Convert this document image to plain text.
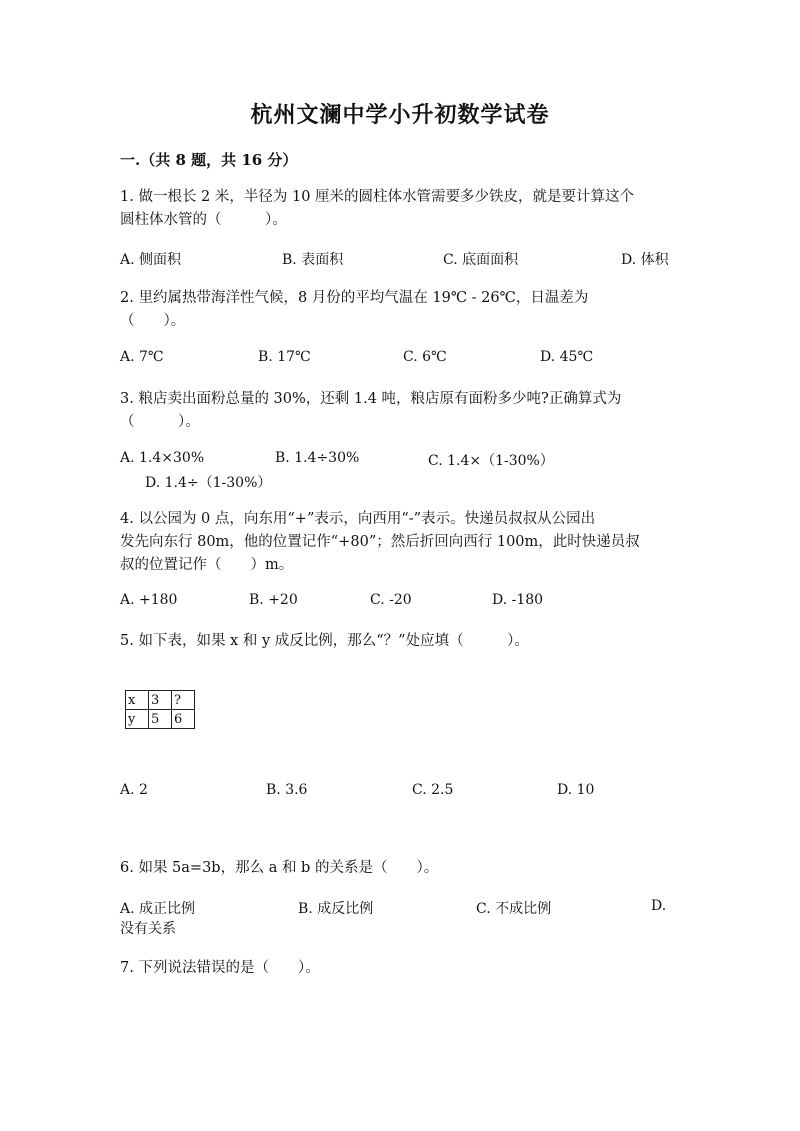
杭州文澜中学小升初数学试卷
一.（共 8 题，共 16 分）
1. 做一根长 2 米，半径为 10 厘米的圆柱体水管需要多少铁皮，就是要计算这个
圆柱体水管的（　　　）。
A. 侧面积	B. 表面积	C. 底面面积	D. 体积
2. 里约属热带海洋性气候，8 月份的平均气温在 19℃ - 26℃，日温差为
（　　）。
A. 7℃	B. 17℃	C. 6℃	D. 45℃
3. 粮店卖出面粉总量的 30%，还剩 1.4 吨，粮店原有面粉多少吨?正确算式为
（　　　）。
A. 1.4×30%	B. 1.4÷30%	C. 1.4×（1-30%）
D. 1.4÷（1-30%）
4. 以公园为 0 点，向东用“+”表示，向西用“-”表示。快递员叔叔从公园出
发先向东行 80m，他的位置记作“+80”；然后折回向西行 100m，此时快递员叔
叔的位置记作（　　）m。
A. +180	B. +20	C. -20	D. -180
5. 如下表，如果 x 和 y 成反比例，那么“？”处应填（　　　）。
x	3	?
y	5	6
A. 2	B. 3.6	C. 2.5	D. 10
6. 如果 5a=3b，那么 a 和 b 的关系是（　　）。
A. 成正比例	B. 成反比例	C. 不成比例	D.
没有关系
7. 下列说法错误的是（　　）。
